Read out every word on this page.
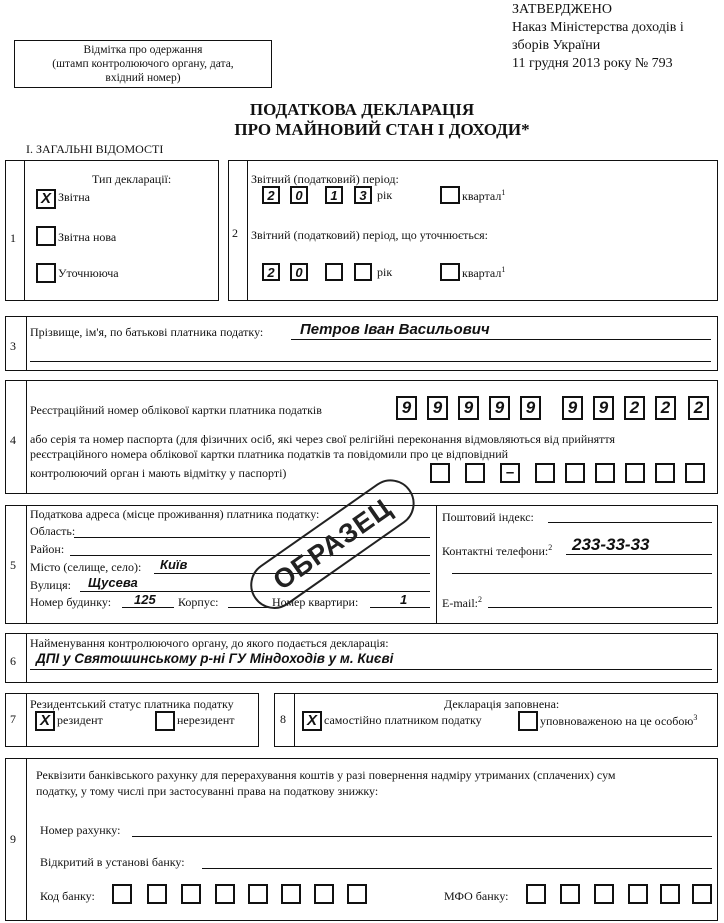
ЗАТВЕРДЖЕНО
Наказ Міністерства доходів і
зборів України
11 грудня 2013 року № 793
Відмітка про одержання
(штамп контролюючого органу, дата,
вхідний номер)
ПОДАТКОВА ДЕКЛАРАЦІЯ
ПРО МАЙНОВИЙ СТАН І ДОХОДИ*
I. ЗАГАЛЬНІ ВІДОМОСТІ
1
Тип декларації:
X Звітна
Звітна нова
Уточнююча
2
Звітний (податковий) період:
2	0	1	3 рік	квартал$^1$
Звітний (податковий) період, що уточнюється:
2	0	рік	квартал$^1$
3
Прізвище, ім'я, по батькові платника податку: Петров Іван Васильович
4
Реєстраційний номер облікової картки платника податків	9	9	9	9	9	9	9	2	2	2
або серія та номер паспорта (для фізичних осіб, які через свої релігійні переконання відмовляються від прийняття
реєстраційного номера облікової картки платника податків та повідомили про це відповідний
контролюючий орган і мають відмітку у паспорті)	–
5
Податкова адреса (місце проживання) платника податку:
Область:
Район:
Місто (селище, село): Київ
Вулиця: Щусева
Номер будинку: 125 Корпус:	Номер квартири:	1
Поштовий індекс:
Контактні телефони:$^2$ 233-33-33
E-mail:$^2$
ОБРАЗЕЦ
6
Найменування контролюючого органу, до якого подається декларація:
ДПІ у Святошинському р-ні ГУ Міндоходів у м. Києві
7
Резидентський статус платника податку
X резидент	нерезидент	8
Декларація заповнена:
X самостійно платником податку	уповноваженою на це особою$^3$
9
Реквізити банківського рахунку для перерахування коштів у разі повернення надміру утриманих (сплачених) сум
податку, у тому числі при застосуванні права на податкову знижку:
Номер рахунку:
Відкритий в установі банку:
Код банку:	МФО банку:
